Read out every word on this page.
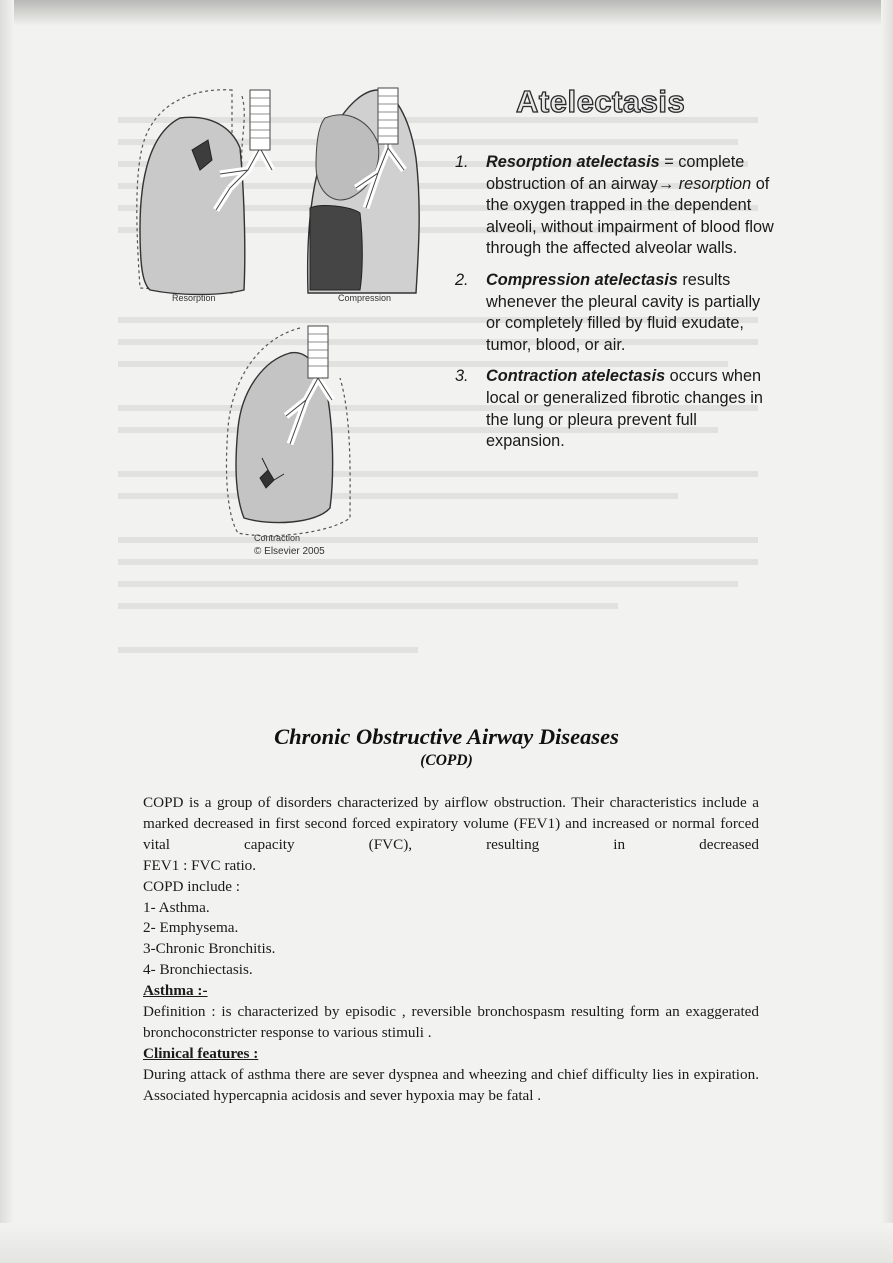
Resorption	Compression
Contraction
© Elsevier 2005
Atelectasis
1.	Resorption atelectasis = complete obstruction of an airway→ resorption of the oxygen trapped in the dependent alveoli, without impairment of blood flow through the affected alveolar walls.
2.	Compression atelectasis results whenever the pleural cavity is partially or completely filled by fluid exudate, tumor, blood, or air.
3.	Contraction atelectasis occurs when local or generalized fibrotic changes in the lung or pleura prevent full expansion.
Chronic Obstructive Airway Diseases
(COPD)

COPD is a group of disorders characterized by airflow obstruction. Their characteristics include a marked decreased in first second forced expiratory volume (FEV1) and increased or normal forced vital capacity (FVC), resulting in decreased

FEV1 : FVC ratio.

COPD include :

1- Asthma.

2- Emphysema.

3-Chronic Bronchitis.

4- Bronchiectasis.

Asthma :-

Definition : is characterized by episodic , reversible bronchospasm resulting form an exaggerated bronchoconstricter response to various stimuli .

Clinical features :

During attack of asthma there are sever dyspnea and wheezing and chief difficulty lies in expiration. Associated hypercapnia acidosis and sever hypoxia may be fatal .
